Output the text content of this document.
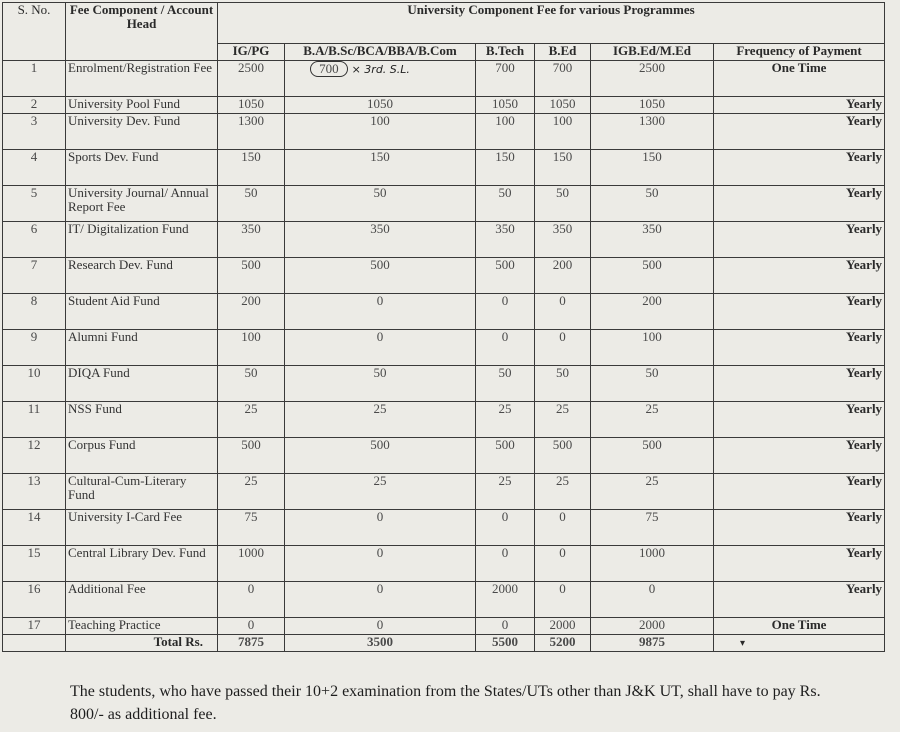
S. No.	Fee Component / Account Head	University Component Fee for various Programmes					
		IG/PG	B.A/B.Sc/BCA/BBA/B.Com	B.Tech	B.Ed	IGB.Ed/M.Ed	Frequency of Payment
1	Enrolment/Registration Fee	2500	700 × 3rd. S.L.	700	700	2500	One Time
2	University Pool Fund	1050	1050	1050	1050	1050	Yearly
3	University Dev. Fund	1300	100	100	100	1300	Yearly
4	Sports Dev. Fund	150	150	150	150	150	Yearly
5	University Journal/ Annual Report Fee	50	50	50	50	50	Yearly
6	IT/ Digitalization Fund	350	350	350	350	350	Yearly
7	Research Dev. Fund	500	500	500	200	500	Yearly
8	Student Aid Fund	200	0	0	0	200	Yearly
9	Alumni Fund	100	0	0	0	100	Yearly
10	DIQA Fund	50	50	50	50	50	Yearly
11	NSS Fund	25	25	25	25	25	Yearly
12	Corpus Fund	500	500	500	500	500	Yearly
13	Cultural-Cum-Literary Fund	25	25	25	25	25	Yearly
14	University I-Card Fee	75	0	0	0	75	Yearly
15	Central Library Dev. Fund	1000	0	0	0	1000	Yearly
16	Additional Fee	0	0	2000	0	0	Yearly
17	Teaching Practice	0	0	0	2000	2000	One Time
	Total Rs.	7875	3500	5500	5200	9875	▾

The students, who have passed their 10+2 examination from the States/UTs other than J&K UT, shall have to pay Rs. 800/- as additional fee.
